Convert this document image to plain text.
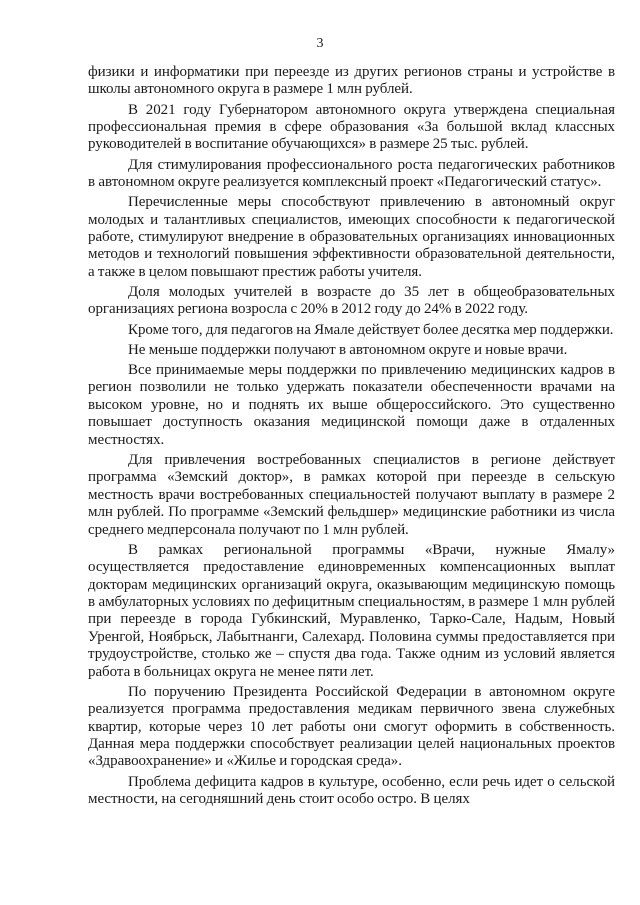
3

физики и информатики при переезде из других регионов страны и устройстве в школы автономного округа в размере 1 млн рублей.

В 2021 году Губернатором автономного округа утверждена специальная профессиональная премия в сфере образования «За большой вклад классных руководителей в воспитание обучающихся» в размере 25 тыс. рублей.

Для стимулирования профессионального роста педагогических работников в автономном округе реализуется комплексный проект «Педагогический статус».

Перечисленные меры способствуют привлечению в автономный округ молодых и талантливых специалистов, имеющих способности к педагогической работе, стимулируют внедрение в образовательных организациях инновационных методов и технологий повышения эффективности образовательной деятельности, а также в целом повышают престиж работы учителя.

Доля молодых учителей в возрасте до 35 лет в общеобразовательных организациях региона возросла с 20% в 2012 году до 24% в 2022 году.

Кроме того, для педагогов на Ямале действует более десятка мер поддержки.

Не меньше поддержки получают в автономном округе и новые врачи.

Все принимаемые меры поддержки по привлечению медицинских кадров в регион позволили не только удержать показатели обеспеченности врачами на высоком уровне, но и поднять их выше общероссийского. Это существенно повышает доступность оказания медицинской помощи даже в отдаленных местностях.

Для привлечения востребованных специалистов в регионе действует программа «Земский доктор», в рамках которой при переезде в сельскую местность врачи востребованных специальностей получают выплату в размере 2 млн рублей. По программе «Земский фельдшер» медицинские работники из числа среднего медперсонала получают по 1 млн рублей.

В рамках региональной программы «Врачи, нужные Ямалу» осуществляется предоставление единовременных компенсационных выплат докторам медицинских организаций округа, оказывающим медицинскую помощь в амбулаторных условиях по дефицитным специальностям, в размере 1 млн рублей при переезде в города Губкинский, Муравленко, Тарко-Сале, Надым, Новый Уренгой, Ноябрьск, Лабытнанги, Салехард. Половина суммы предоставляется при трудоустройстве, столько же – спустя два года. Также одним из условий является работа в больницах округа не менее пяти лет.

По поручению Президента Российской Федерации в автономном округе реализуется программа предоставления медикам первичного звена служебных квартир, которые через 10 лет работы они смогут оформить в собственность. Данная мера поддержки способствует реализации целей национальных проектов «Здравоохранение» и «Жилье и городская среда».

Проблема дефицита кадров в культуре, особенно, если речь идет о сельской местности, на сегодняшний день стоит особо остро. В целях
